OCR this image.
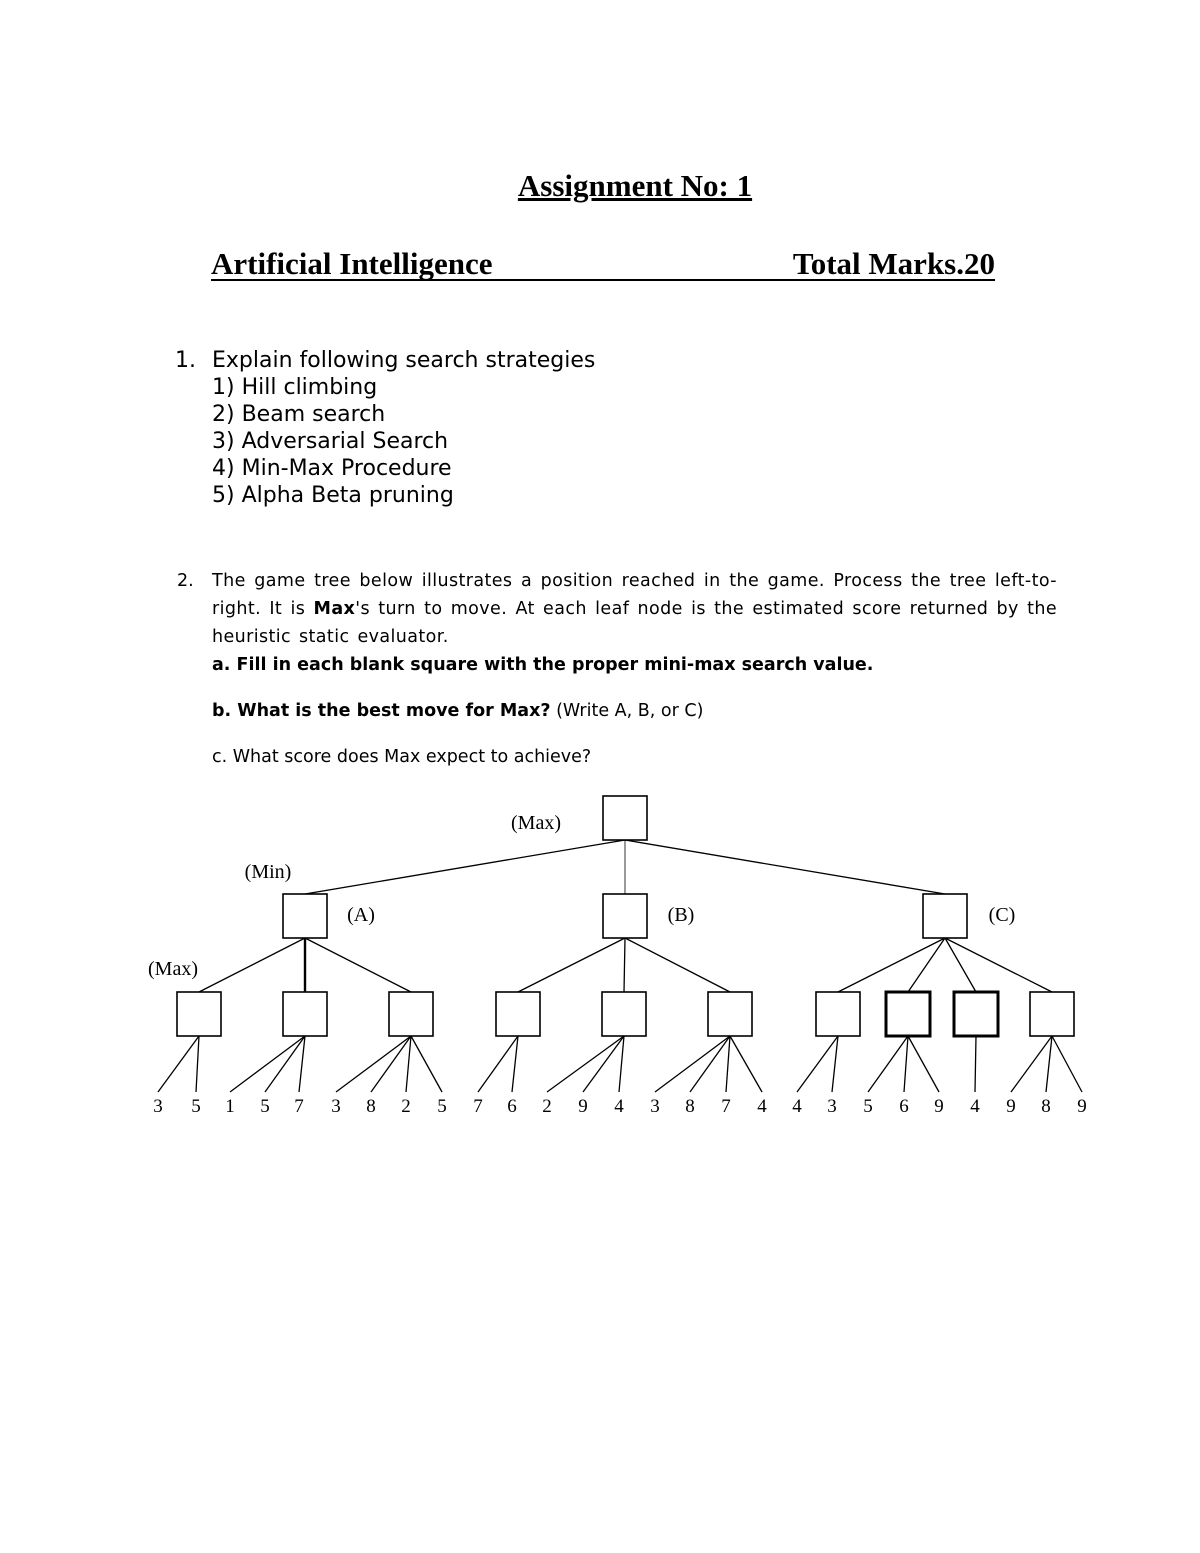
Assignment No: 1
Artificial Intelligence	Total Marks.20
1. Explain following search strategies
1) Hill climbing
2) Beam search
3) Adversarial Search
4) Min-Max Procedure
5) Alpha Beta pruning
2. The game tree below illustrates a position reached in the game. Process the tree left-to-right. It is Max's turn to move. At each leaf node is the estimated score returned by the heuristic static evaluator.
a. Fill in each blank square with the proper mini-max search value.
b. What is the best move for Max? (Write A, B, or C)
c. What score does Max expect to achieve?
(Max)
(Min)
(Max)
(A)	(B)	(C)
3 5 1 5 7 3 8 2 5 7 6 2 9 4 3 8 7 4 4 3 5 6 9 4 9 8 9
